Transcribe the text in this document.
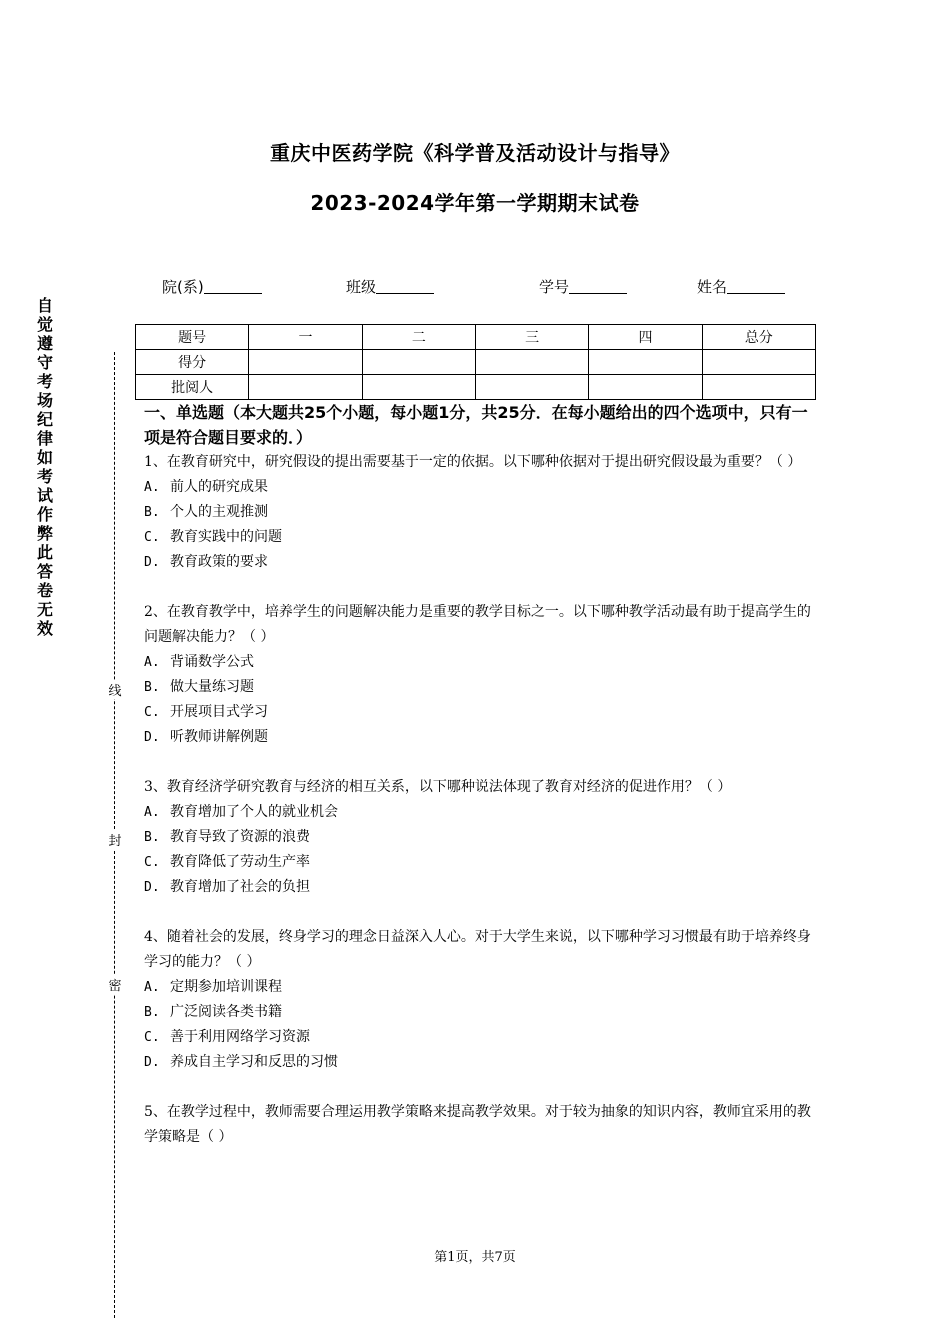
重庆中医药学院《科学普及活动设计与指导》
2023-2024学年第一学期期末试卷
院(系)	班级	学号	姓名
题号	一	二	三	四	总分
得分					
批阅人					
自觉遵守考场纪律如考试作弊此答卷无效
线
封
密

一、单选题（本大题共25个小题，每小题1分，共25分．在每小题给出的四个选项中，只有一项是符合题目要求的．）

1、在教育研究中，研究假设的提出需要基于一定的依据。以下哪种依据对于提出研究假设最为重要？（ ）

A. 前人的研究成果

B. 个人的主观推测

C. 教育实践中的问题

D. 教育政策的要求

2、在教育教学中，培养学生的问题解决能力是重要的教学目标之一。以下哪种教学活动最有助于提高学生的问题解决能力？（ ）

A. 背诵数学公式

B. 做大量练习题

C. 开展项目式学习

D. 听教师讲解例题

3、教育经济学研究教育与经济的相互关系，以下哪种说法体现了教育对经济的促进作用？（ ）

A. 教育增加了个人的就业机会

B. 教育导致了资源的浪费

C. 教育降低了劳动生产率

D. 教育增加了社会的负担

4、随着社会的发展，终身学习的理念日益深入人心。对于大学生来说，以下哪种学习习惯最有助于培养终身学习的能力？（ ）

A. 定期参加培训课程

B. 广泛阅读各类书籍

C. 善于利用网络学习资源

D. 养成自主学习和反思的习惯

5、在教学过程中，教师需要合理运用教学策略来提高教学效果。对于较为抽象的知识内容，教师宜采用的教学策略是（ ）

第1页，共7页
